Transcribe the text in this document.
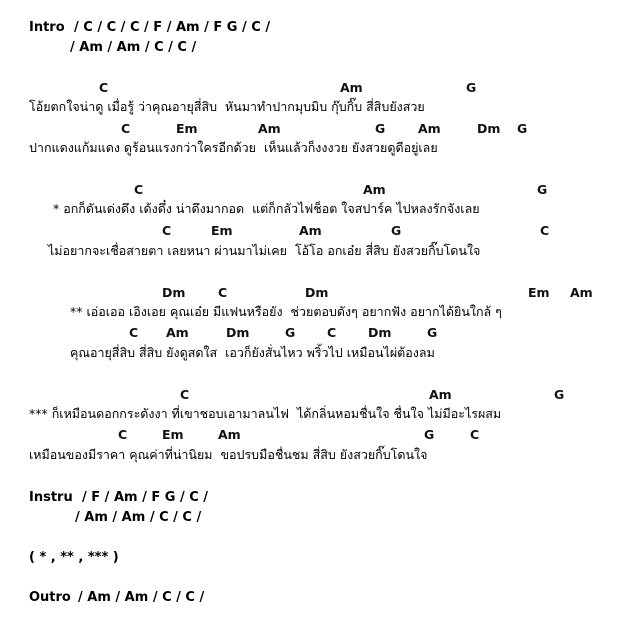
Intro / C / C / C / F / Am / F G / C /
/ Am / Am / C / C /
C	Am	G
โอ้ยตกใจน่าดู เมื่อรู้ ว่าคุณอายุสี่สิบ  หันมาทำปากมุบมิบ กุ๊บกิ๊บ สี่สิบยังสวย
C	Em	Am	G	Am	Dm G
ปากแดงแก้มแดง ดูร้อนแรงกว่าใครอีกด้วย  เห็นแล้วก็งงงวย ยังสวยดูดีอยู่เลย
C	Am	G
* อกก็ดันเด่งดึง เด้งดึ๋ง น่าดึงมากอด  แต่ก็กลัวไฟช็อต ใจสปาร์ค ไปหลงรักจังเลย
C	Em	Am	G	C
ไม่อยากจะเชื่อสายตา เลยหนา ผ่านมาไม่เคย  โอ้โอ อกเอ๋ย สี่สิบ ยังสวยกิ๊บโดนใจ
Dm	C	Dm	Em Am
** เอ่อเออ เอิงเอย คุณเอ๋ย มีแฟนหรือยัง  ช่วยตอบดังๆ อยากฟัง อยากได้ยินใกล้ ๆ
C Am	Dm	G	C	Dm	G
คุณอายุสี่สิบ สี่สิบ ยังดูสดใส  เอวก็ยังสั่นไหว พริ้วไป เหมือนไผ่ต้องลม
C	Am	G
*** ก็เหมือนดอกกระดังงา ที่เขาชอบเอามาลนไฟ  ได้กลิ่นหอมชื่นใจ ชื่นใจ ไม่มีอะไรผสม
C	Em	Am	G	C
เหมือนของมีราคา คุณค่าที่น่านิยม  ขอปรบมือชื่นชม สี่สิบ ยังสวยกิ๊บโดนใจ
Instru / F / Am / F G / C /
/ Am / Am / C / C /
( * , ** , *** )
Outro / Am / Am / C / C /
